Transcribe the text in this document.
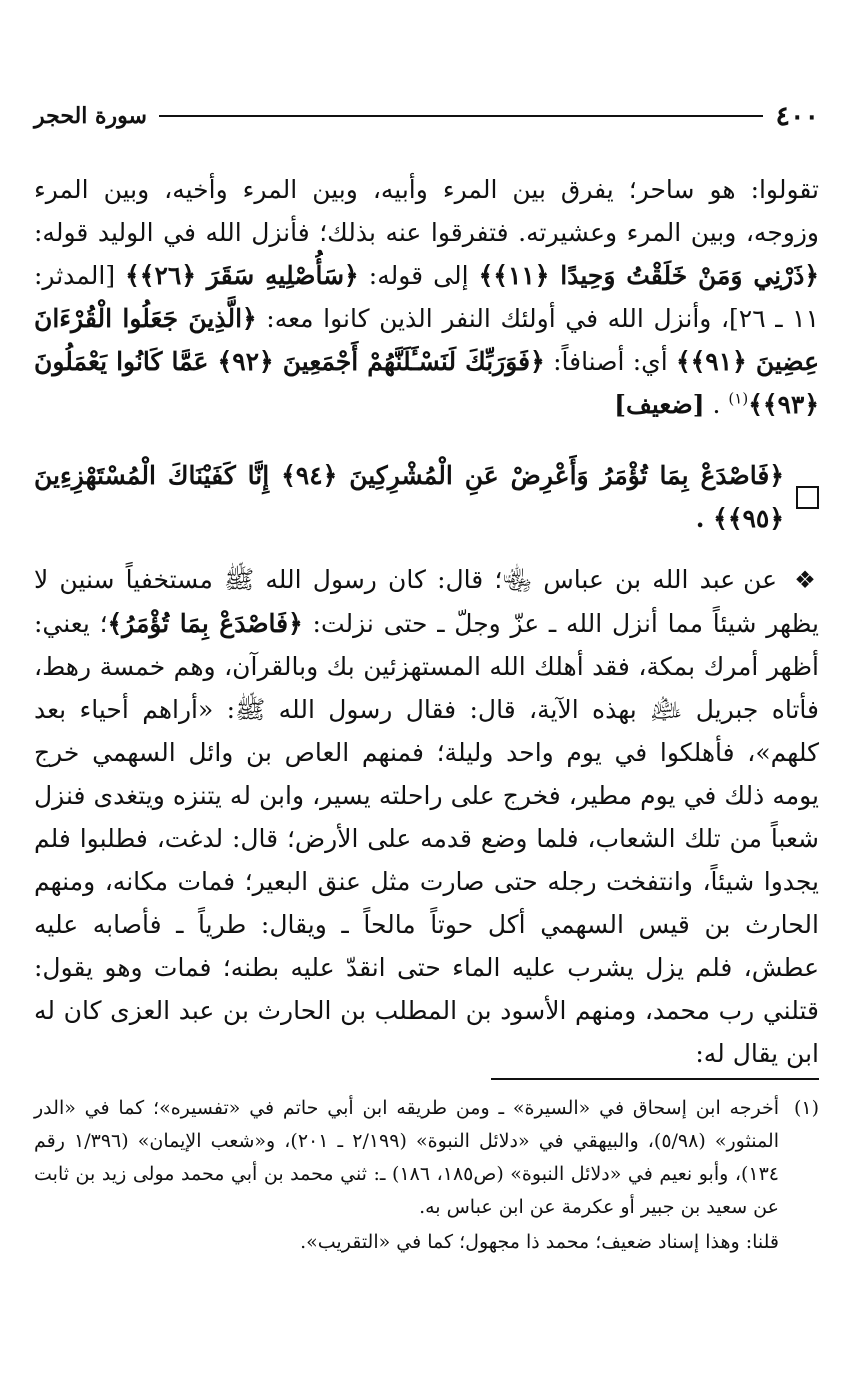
٤٠٠
سورة الحجر

تقولوا: هو ساحر؛ يفرق بين المرء وأبيه، وبين المرء وأخيه، وبين المرء وزوجه، وبين المرء وعشيرته. فتفرقوا عنه بذلك؛ فأنزل الله في الوليد قوله: ﴿ذَرْنِي وَمَنْ خَلَقْتُ وَحِيدًا ﴿١١﴾﴾ إلى قوله: ﴿سَأُصْلِيهِ سَقَرَ ﴿٢٦﴾﴾ [المدثر: ١١ ـ ٢٦]، وأنزل الله في أولئك النفر الذين كانوا معه: ﴿الَّذِينَ جَعَلُوا الْقُرْءَانَ عِضِينَ ﴿٩١﴾﴾ أي: أصنافاً: ﴿فَوَرَبِّكَ لَنَسْـَٔلَنَّهُمْ أَجْمَعِينَ ﴿٩٢﴾ عَمَّا كَانُوا يَعْمَلُونَ ﴿٩٣﴾﴾$^{(١)}$ . [ضعيف]

﴿فَاصْدَعْ بِمَا تُؤْمَرُ وَأَعْرِضْ عَنِ الْمُشْرِكِينَ ﴿٩٤﴾ إِنَّا كَفَيْنَاكَ الْمُسْتَهْزِءِينَ ﴿٩٥﴾﴾ .

❖ عن عبد الله بن عباس ﵄؛ قال: كان رسول الله ﷺ مستخفياً سنين لا يظهر شيئاً مما أنزل الله ـ عزّ وجلّ ـ حتى نزلت: ﴿فَاصْدَعْ بِمَا تُؤْمَرُ﴾؛ يعني: أظهر أمرك بمكة، فقد أهلك الله المستهزئين بك وبالقرآن، وهم خمسة رهط، فأتاه جبريل ﵇ بهذه الآية، قال: فقال رسول الله ﷺ: «أراهم أحياء بعد كلهم»، فأهلكوا في يوم واحد وليلة؛ فمنهم العاص بن وائل السهمي خرج يومه ذلك في يوم مطير، فخرج على راحلته يسير، وابن له يتنزه ويتغدى فنزل شعباً من تلك الشعاب، فلما وضع قدمه على الأرض؛ قال: لدغت، فطلبوا فلم يجدوا شيئاً، وانتفخت رجله حتى صارت مثل عنق البعير؛ فمات مكانه، ومنهم الحارث بن قيس السهمي أكل حوتاً مالحاً ـ ويقال: طرياً ـ فأصابه عليه عطش، فلم يزل يشرب عليه الماء حتى انقدّ عليه بطنه؛ فمات وهو يقول: قتلني رب محمد، ومنهم الأسود بن المطلب بن الحارث بن عبد العزى كان له ابن يقال له:

(١)
أخرجه ابن إسحاق في «السيرة» ـ ومن طريقه ابن أبي حاتم في «تفسيره»؛ كما في «الدر المنثور» (٥/٩٨)، والبيهقي في «دلائل النبوة» (٢/١٩٩ ـ ٢٠١)، و«شعب الإيمان» (١/٣٩٦ رقم ١٣٤)، وأبو نعيم في «دلائل النبوة» (ص١٨٥، ١٨٦) ـ: ثني محمد بن أبي محمد مولى زيد بن ثابت عن سعيد بن جبير أو عكرمة عن ابن عباس به.
قلنا: وهذا إسناد ضعيف؛ محمد ذا مجهول؛ كما في «التقريب».
